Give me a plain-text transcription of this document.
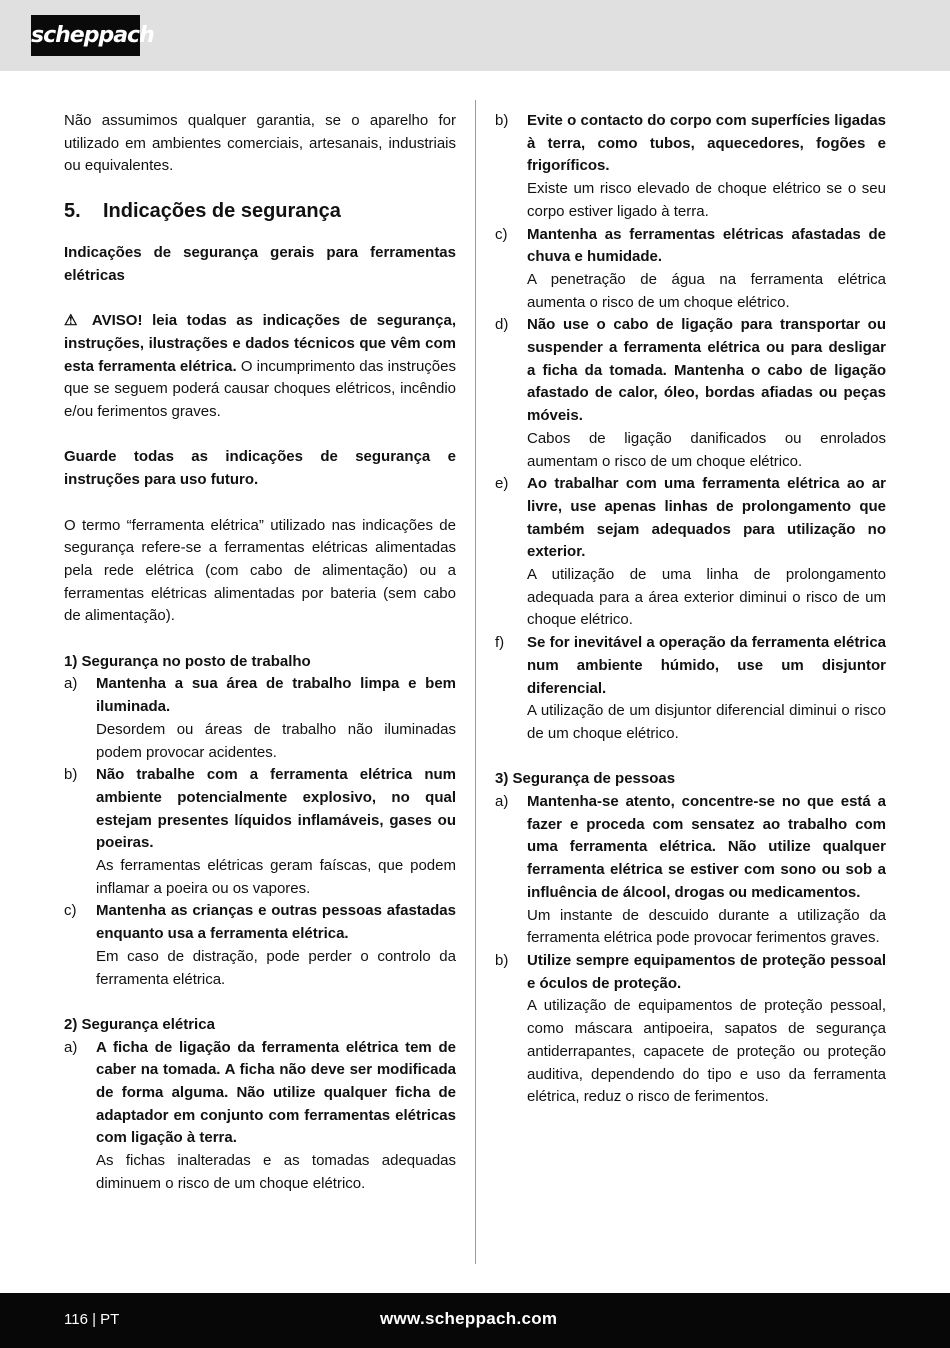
scheppach

Não assumimos qualquer garantia, se o aparelho for utilizado em ambientes comerciais, artesanais, industriais ou equivalentes.

5.	Indicações de segurança

Indicações de segurança gerais para ferramentas elétricas

⚠ AVISO! leia todas as indicações de segurança, instruções, ilustrações e dados técnicos que vêm com esta ferramenta elétrica. O incumprimento das instruções que se seguem poderá causar choques elétricos, incêndio e/ou ferimentos graves.

Guarde todas as indicações de segurança e instruções para uso futuro.

O termo “ferramenta elétrica” utilizado nas indicações de segurança refere-se a ferramentas elétricas alimentadas pela rede elétrica (com cabo de alimentação) ou a ferramentas elétricas alimentadas por bateria (sem cabo de alimentação).

1) Segurança no posto de trabalho

a)	Mantenha a sua área de trabalho limpa e bem iluminada.
Desordem ou áreas de trabalho não iluminadas podem provocar acidentes.
b)	Não trabalhe com a ferramenta elétrica num ambiente potencialmente explosivo, no qual estejam presentes líquidos inflamáveis, gases ou poeiras.
As ferramentas elétricas geram faíscas, que podem inflamar a poeira ou os vapores.
c)	Mantenha as crianças e outras pessoas afastadas enquanto usa a ferramenta elétrica.
Em caso de distração, pode perder o controlo da ferramenta elétrica.

2) Segurança elétrica

a)	A ficha de ligação da ferramenta elétrica tem de caber na tomada. A ficha não deve ser modificada de forma alguma. Não utilize qualquer ficha de adaptador em conjunto com ferramentas elétricas com ligação à terra.
As fichas inalteradas e as tomadas adequadas diminuem o risco de um choque elétrico.
b)	Evite o contacto do corpo com superfícies ligadas à terra, como tubos, aquecedores, fogões e frigoríficos.
Existe um risco elevado de choque elétrico se o seu corpo estiver ligado à terra.
c)	Mantenha as ferramentas elétricas afastadas de chuva e humidade.
A penetração de água na ferramenta elétrica aumenta o risco de um choque elétrico.
d)	Não use o cabo de ligação para transportar ou suspender a ferramenta elétrica ou para desligar a ficha da tomada. Mantenha o cabo de ligação afastado de calor, óleo, bordas afiadas ou peças móveis.
Cabos de ligação danificados ou enrolados aumentam o risco de um choque elétrico.
e)	Ao trabalhar com uma ferramenta elétrica ao ar livre, use apenas linhas de prolongamento que também sejam adequados para utilização no exterior.
A utilização de uma linha de prolongamento adequada para a área exterior diminui o risco de um choque elétrico.
f)	Se for inevitável a operação da ferramenta elétrica num ambiente húmido, use um disjuntor diferencial.
A utilização de um disjuntor diferencial diminui o risco de um choque elétrico.

3) Segurança de pessoas

a)	Mantenha-se atento, concentre-se no que está a fazer e proceda com sensatez ao trabalho com uma ferramenta elétrica. Não utilize qualquer ferramenta elétrica se estiver com sono ou sob a influência de álcool, drogas ou medicamentos.
Um instante de descuido durante a utilização da ferramenta elétrica pode provocar ferimentos graves.
b)	Utilize sempre equipamentos de proteção pessoal e óculos de proteção.
A utilização de equipamentos de proteção pessoal, como máscara antipoeira, sapatos de segurança antiderrapantes, capacete de proteção ou proteção auditiva, dependendo do tipo e uso da ferramenta elétrica, reduz o risco de ferimentos.
116 | PT	www.scheppach.com
